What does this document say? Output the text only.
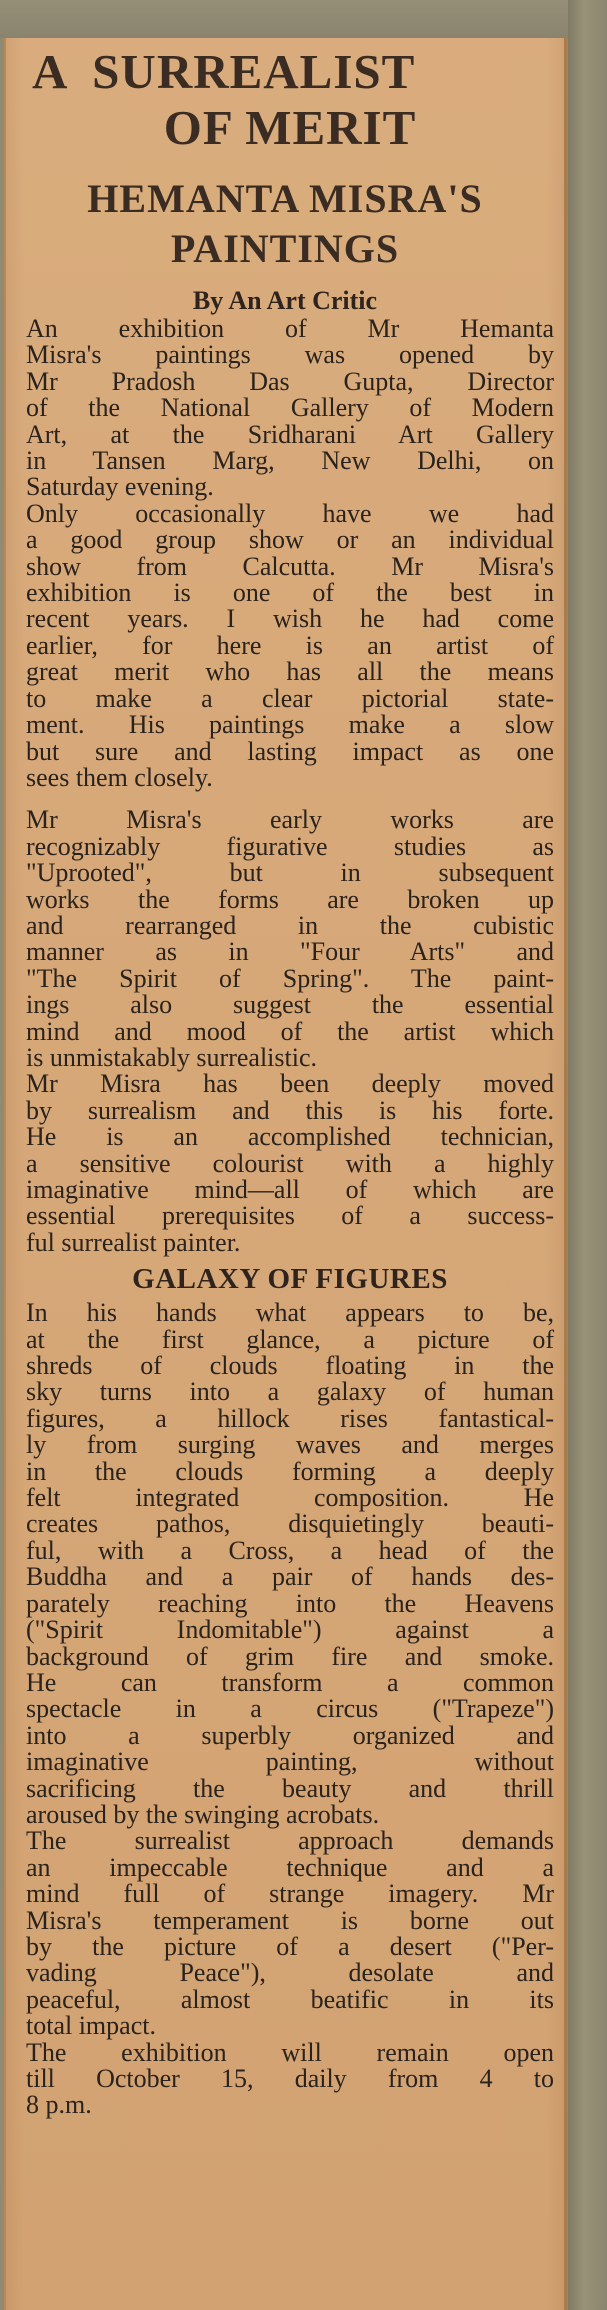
A  SURREALIST
OF MERIT
HEMANTA MISRA'S
PAINTINGS
By An Art Critic

An exhibition of Mr Hemanta
Misra's paintings was opened by
Mr Pradosh Das Gupta, Director
of the National Gallery of Modern
Art, at the Sridharani Art Gallery
in Tansen Marg, New Delhi, on
Saturday evening.

Only occasionally have we had
a good group show or an individual
show from Calcutta. Mr Misra's
exhibition is one of the best in
recent years. I wish he had come
earlier, for here is an artist of
great merit who has all the means
to make a clear pictorial state-
ment. His paintings make a slow
but sure and lasting impact as one
sees them closely.

Mr Misra's early works are
recognizably figurative studies as
"Uprooted", but in subsequent
works the forms are broken up
and rearranged in the cubistic
manner as in "Four Arts" and
"The Spirit of Spring". The paint-
ings also suggest the essential
mind and mood of the artist which
is unmistakably surrealistic.

Mr Misra has been deeply moved
by surrealism and this is his forte.
He is an accomplished technician,
a sensitive colourist with a highly
imaginative mind—all of which are
essential prerequisites of a success-
ful surrealist painter.

GALAXY OF FIGURES

In his hands what appears to be,
at the first glance, a picture of
shreds of clouds floating in the
sky turns into a galaxy of human
figures, a hillock rises fantastical-
ly from surging waves and merges
in the clouds forming a deeply
felt integrated composition. He
creates pathos, disquietingly beauti-
ful, with a Cross, a head of the
Buddha and a pair of hands des-
parately reaching into the Heavens
("Spirit Indomitable") against a
background of grim fire and smoke.
He can transform a common
spectacle in a circus ("Trapeze")
into a superbly organized and
imaginative painting, without
sacrificing the beauty and thrill
aroused by the swinging acrobats.

The surrealist approach demands
an impeccable technique and a
mind full of strange imagery. Mr
Misra's temperament is borne out
by the picture of a desert ("Per-
vading Peace"), desolate and
peaceful, almost beatific in its
total impact.

The exhibition will remain open
till October 15, daily from 4 to
8 p.m.
